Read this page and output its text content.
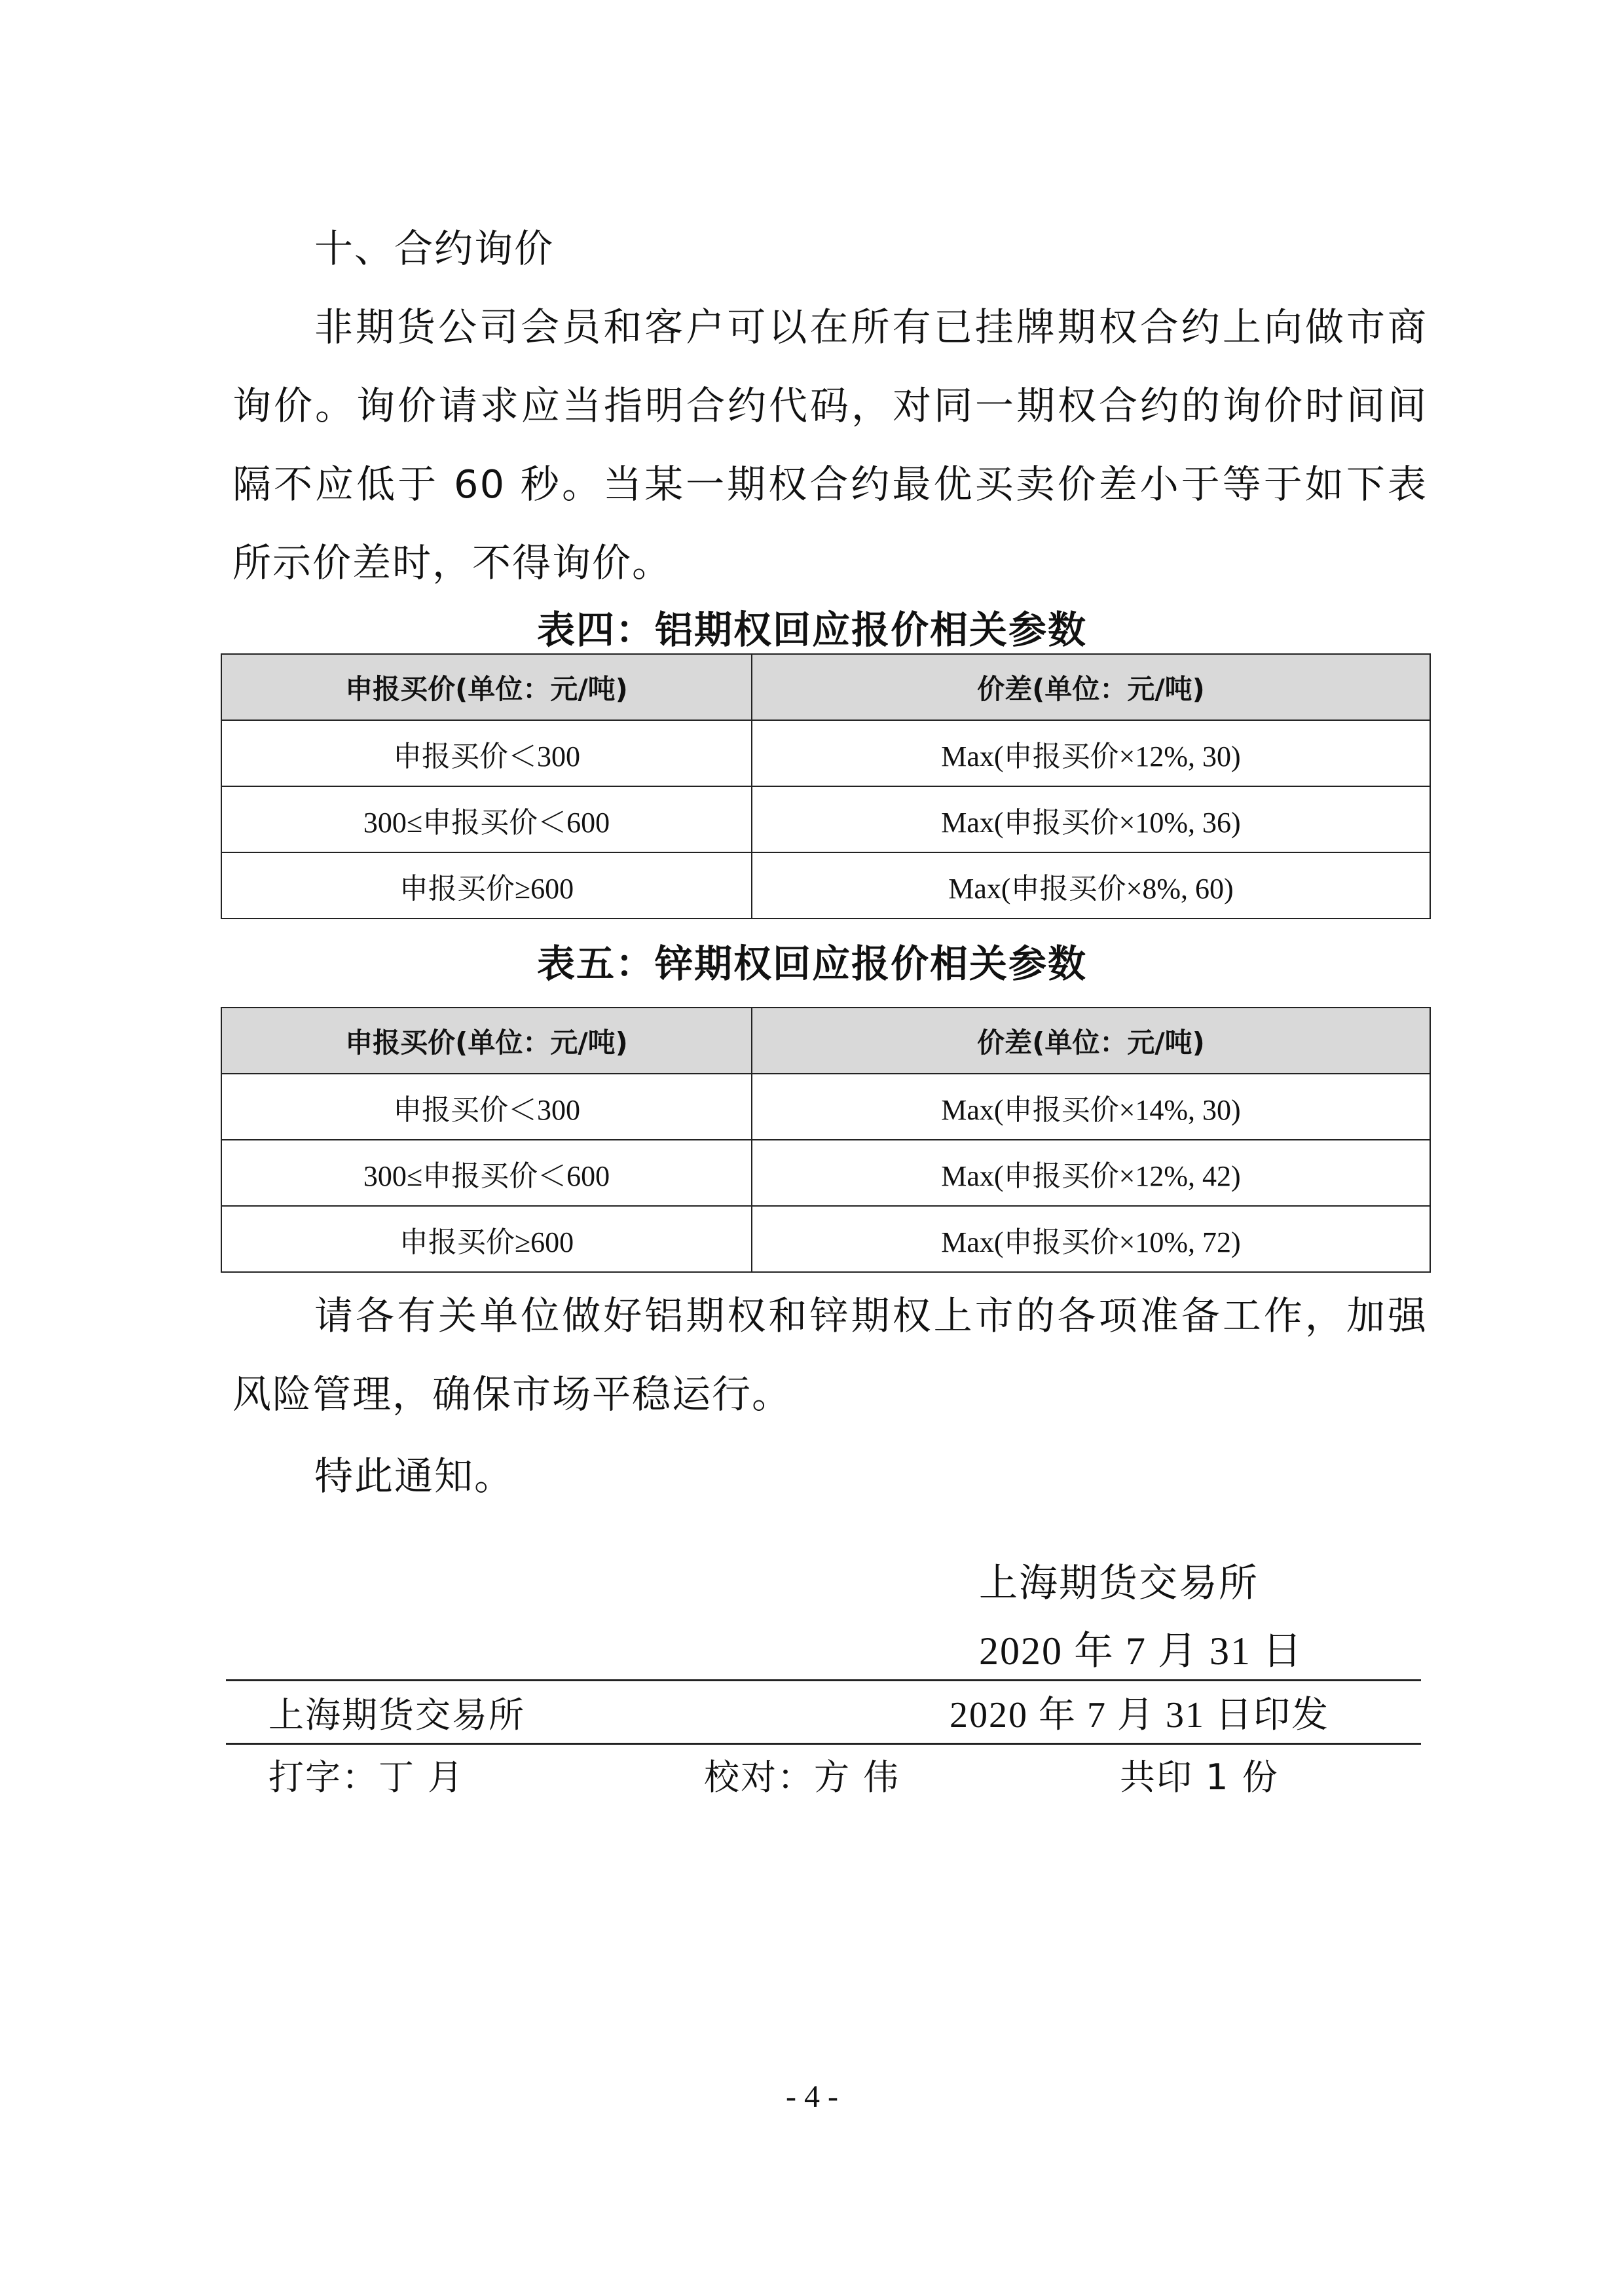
十、合约询价

非期货公司会员和客户可以在所有已挂牌期权合约上向做市商询价。询价请求应当指明合约代码，对同一期权合约的询价时间间隔不应低于 60 秒。当某一期权合约最优买卖价差小于等于如下表所示价差时，不得询价。

表四：铝期权回应报价相关参数

申报买价(单位：元/吨)	价差(单位：元/吨)
申报买价＜300	Max(申报买价×12%, 30)
300≤申报买价＜600	Max(申报买价×10%, 36)
申报买价≥600	Max(申报买价×8%, 60)

表五：锌期权回应报价相关参数

申报买价(单位：元/吨)	价差(单位：元/吨)
申报买价＜300	Max(申报买价×14%, 30)
300≤申报买价＜600	Max(申报买价×12%, 42)
申报买价≥600	Max(申报买价×10%, 72)

请各有关单位做好铝期权和锌期权上市的各项准备工作，加强风险管理，确保市场平稳运行。

特此通知。

上海期货交易所

2020 年 7 月 31 日

上海期货交易所	2020 年 7 月 31 日印发

打字：丁 月	校对：方 伟	共印 1 份

- 4 -
